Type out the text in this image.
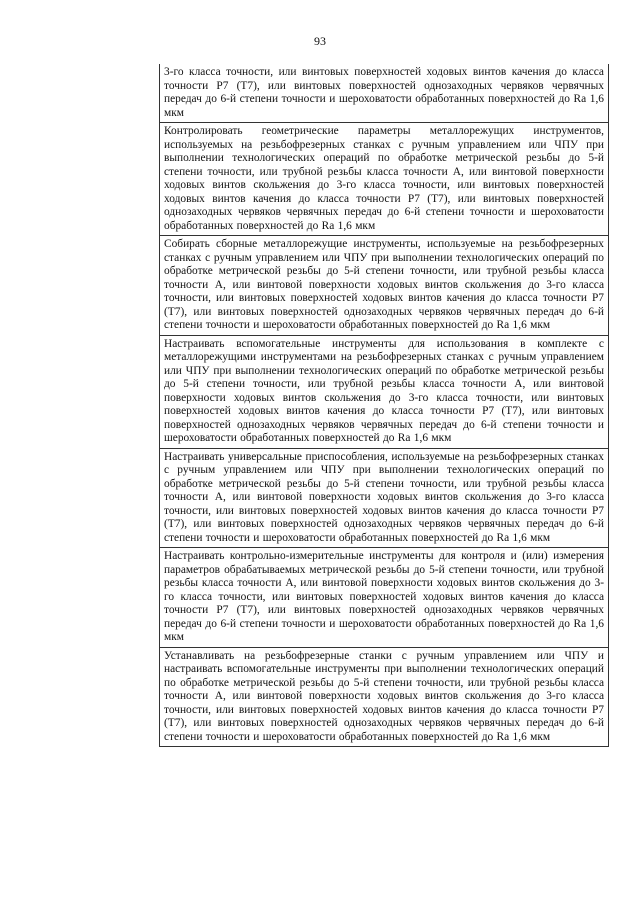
93
3-го класса точности, или винтовых поверхностей ходовых винтов качения до класса точности Р7 (Т7), или винтовых поверхностей однозаходных червяков червячных передач до 6-й степени точности и шероховатости обработанных поверхностей до Ra 1,6 мкм
Контролировать геометрические параметры металлорежущих инструментов, используемых на резьбофрезерных станках с ручным управлением или ЧПУ при выполнении технологических операций по обработке метрической резьбы до 5-й степени точности, или трубной резьбы класса точности А, или винтовой поверхности ходовых винтов скольжения до 3-го класса точности, или винтовых поверхностей ходовых винтов качения до класса точности Р7 (Т7), или винтовых поверхностей однозаходных червяков червячных передач до 6-й степени точности и шероховатости обработанных поверхностей до Ra 1,6 мкм
Собирать сборные металлорежущие инструменты, используемые на резьбофрезерных станках с ручным управлением или ЧПУ при выполнении технологических операций по обработке метрической резьбы до 5-й степени точности, или трубной резьбы класса точности А, или винтовой поверхности ходовых винтов скольжения до 3-го класса точности, или винтовых поверхностей ходовых винтов качения до класса точности Р7 (Т7), или винтовых поверхностей однозаходных червяков червячных передач до 6-й степени точности и шероховатости обработанных поверхностей до Ra 1,6 мкм
Настраивать вспомогательные инструменты для использования в комплекте с металлорежущими инструментами на резьбофрезерных станках с ручным управлением или ЧПУ при выполнении технологических операций по обработке метрической резьбы до 5-й степени точности, или трубной резьбы класса точности А, или винтовой поверхности ходовых винтов скольжения до 3-го класса точности, или винтовых поверхностей ходовых винтов качения до класса точности Р7 (Т7), или винтовых поверхностей однозаходных червяков червячных передач до 6-й степени точности и шероховатости обработанных поверхностей до Ra 1,6 мкм
Настраивать универсальные приспособления, используемые на резьбофрезерных станках с ручным управлением или ЧПУ при выполнении технологических операций по обработке метрической резьбы до 5-й степени точности, или трубной резьбы класса точности А, или винтовой поверхности ходовых винтов скольжения до 3-го класса точности, или винтовых поверхностей ходовых винтов качения до класса точности Р7 (Т7), или винтовых поверхностей однозаходных червяков червячных передач до 6-й степени точности и шероховатости обработанных поверхностей до Ra 1,6 мкм
Настраивать контрольно-измерительные инструменты для контроля и (или) измерения параметров обрабатываемых метрической резьбы до 5-й степени точности, или трубной резьбы класса точности А, или винтовой поверхности ходовых винтов скольжения до 3-го класса точности, или винтовых поверхностей ходовых винтов качения до класса точности Р7 (Т7), или винтовых поверхностей однозаходных червяков червячных передач до 6-й степени точности и шероховатости обработанных поверхностей до Ra 1,6 мкм
Устанавливать на резьбофрезерные станки с ручным управлением или ЧПУ и настраивать вспомогательные инструменты при выполнении технологических операций по обработке метрической резьбы до 5-й степени точности, или трубной резьбы класса точности А, или винтовой поверхности ходовых винтов скольжения до 3-го класса точности, или винтовых поверхностей ходовых винтов качения до класса точности Р7 (Т7), или винтовых поверхностей однозаходных червяков червячных передач до 6-й степени точности и шероховатости обработанных поверхностей до Ra 1,6 мкм
